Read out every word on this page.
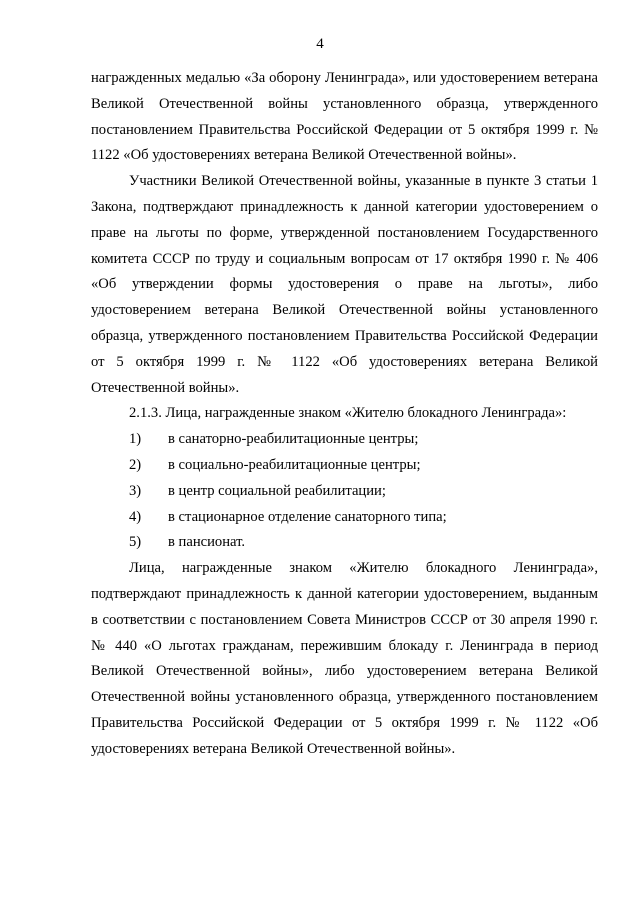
4

награжденных медалью «За оборону Ленинграда», или удостоверением ветерана Великой Отечественной войны установленного образца, утвержденного постановлением Правительства Российской Федерации от 5 октября 1999 г. № 1122 «Об удостоверениях ветерана Великой Отечественной войны».

Участники Великой Отечественной войны, указанные в пункте 3 статьи 1 Закона, подтверждают принадлежность к данной категории удостоверением о праве на льготы по форме, утвержденной постановлением Государственного комитета СССР по труду и социальным вопросам от 17 октября 1990 г. № 406 «Об утверждении формы удостоверения о праве на льготы», либо удостоверением ветерана Великой Отечественной войны установленного образца, утвержденного постановлением Правительства Российской Федерации от 5 октября 1999 г. № 1122 «Об удостоверениях ветерана Великой Отечественной войны».

2.1.3. Лица, награжденные знаком «Жителю блокадного Ленинграда»:

1)	в санаторно-реабилитационные центры;
2)	в социально-реабилитационные центры;
3)	в центр социальной реабилитации;
4)	в стационарное отделение санаторного типа;
5)	в пансионат.

Лица, награжденные знаком «Жителю блокадного Ленинграда», подтверждают принадлежность к данной категории удостоверением, выданным в соответствии с постановлением Совета Министров СССР от 30 апреля 1990 г. № 440 «О льготах гражданам, пережившим блокаду г. Ленинграда в период Великой Отечественной войны», либо удостоверением ветерана Великой Отечественной войны установленного образца, утвержденного постановлением Правительства Российской Федерации от 5 октября 1999 г. № 1122 «Об удостоверениях ветерана Великой Отечественной войны».
